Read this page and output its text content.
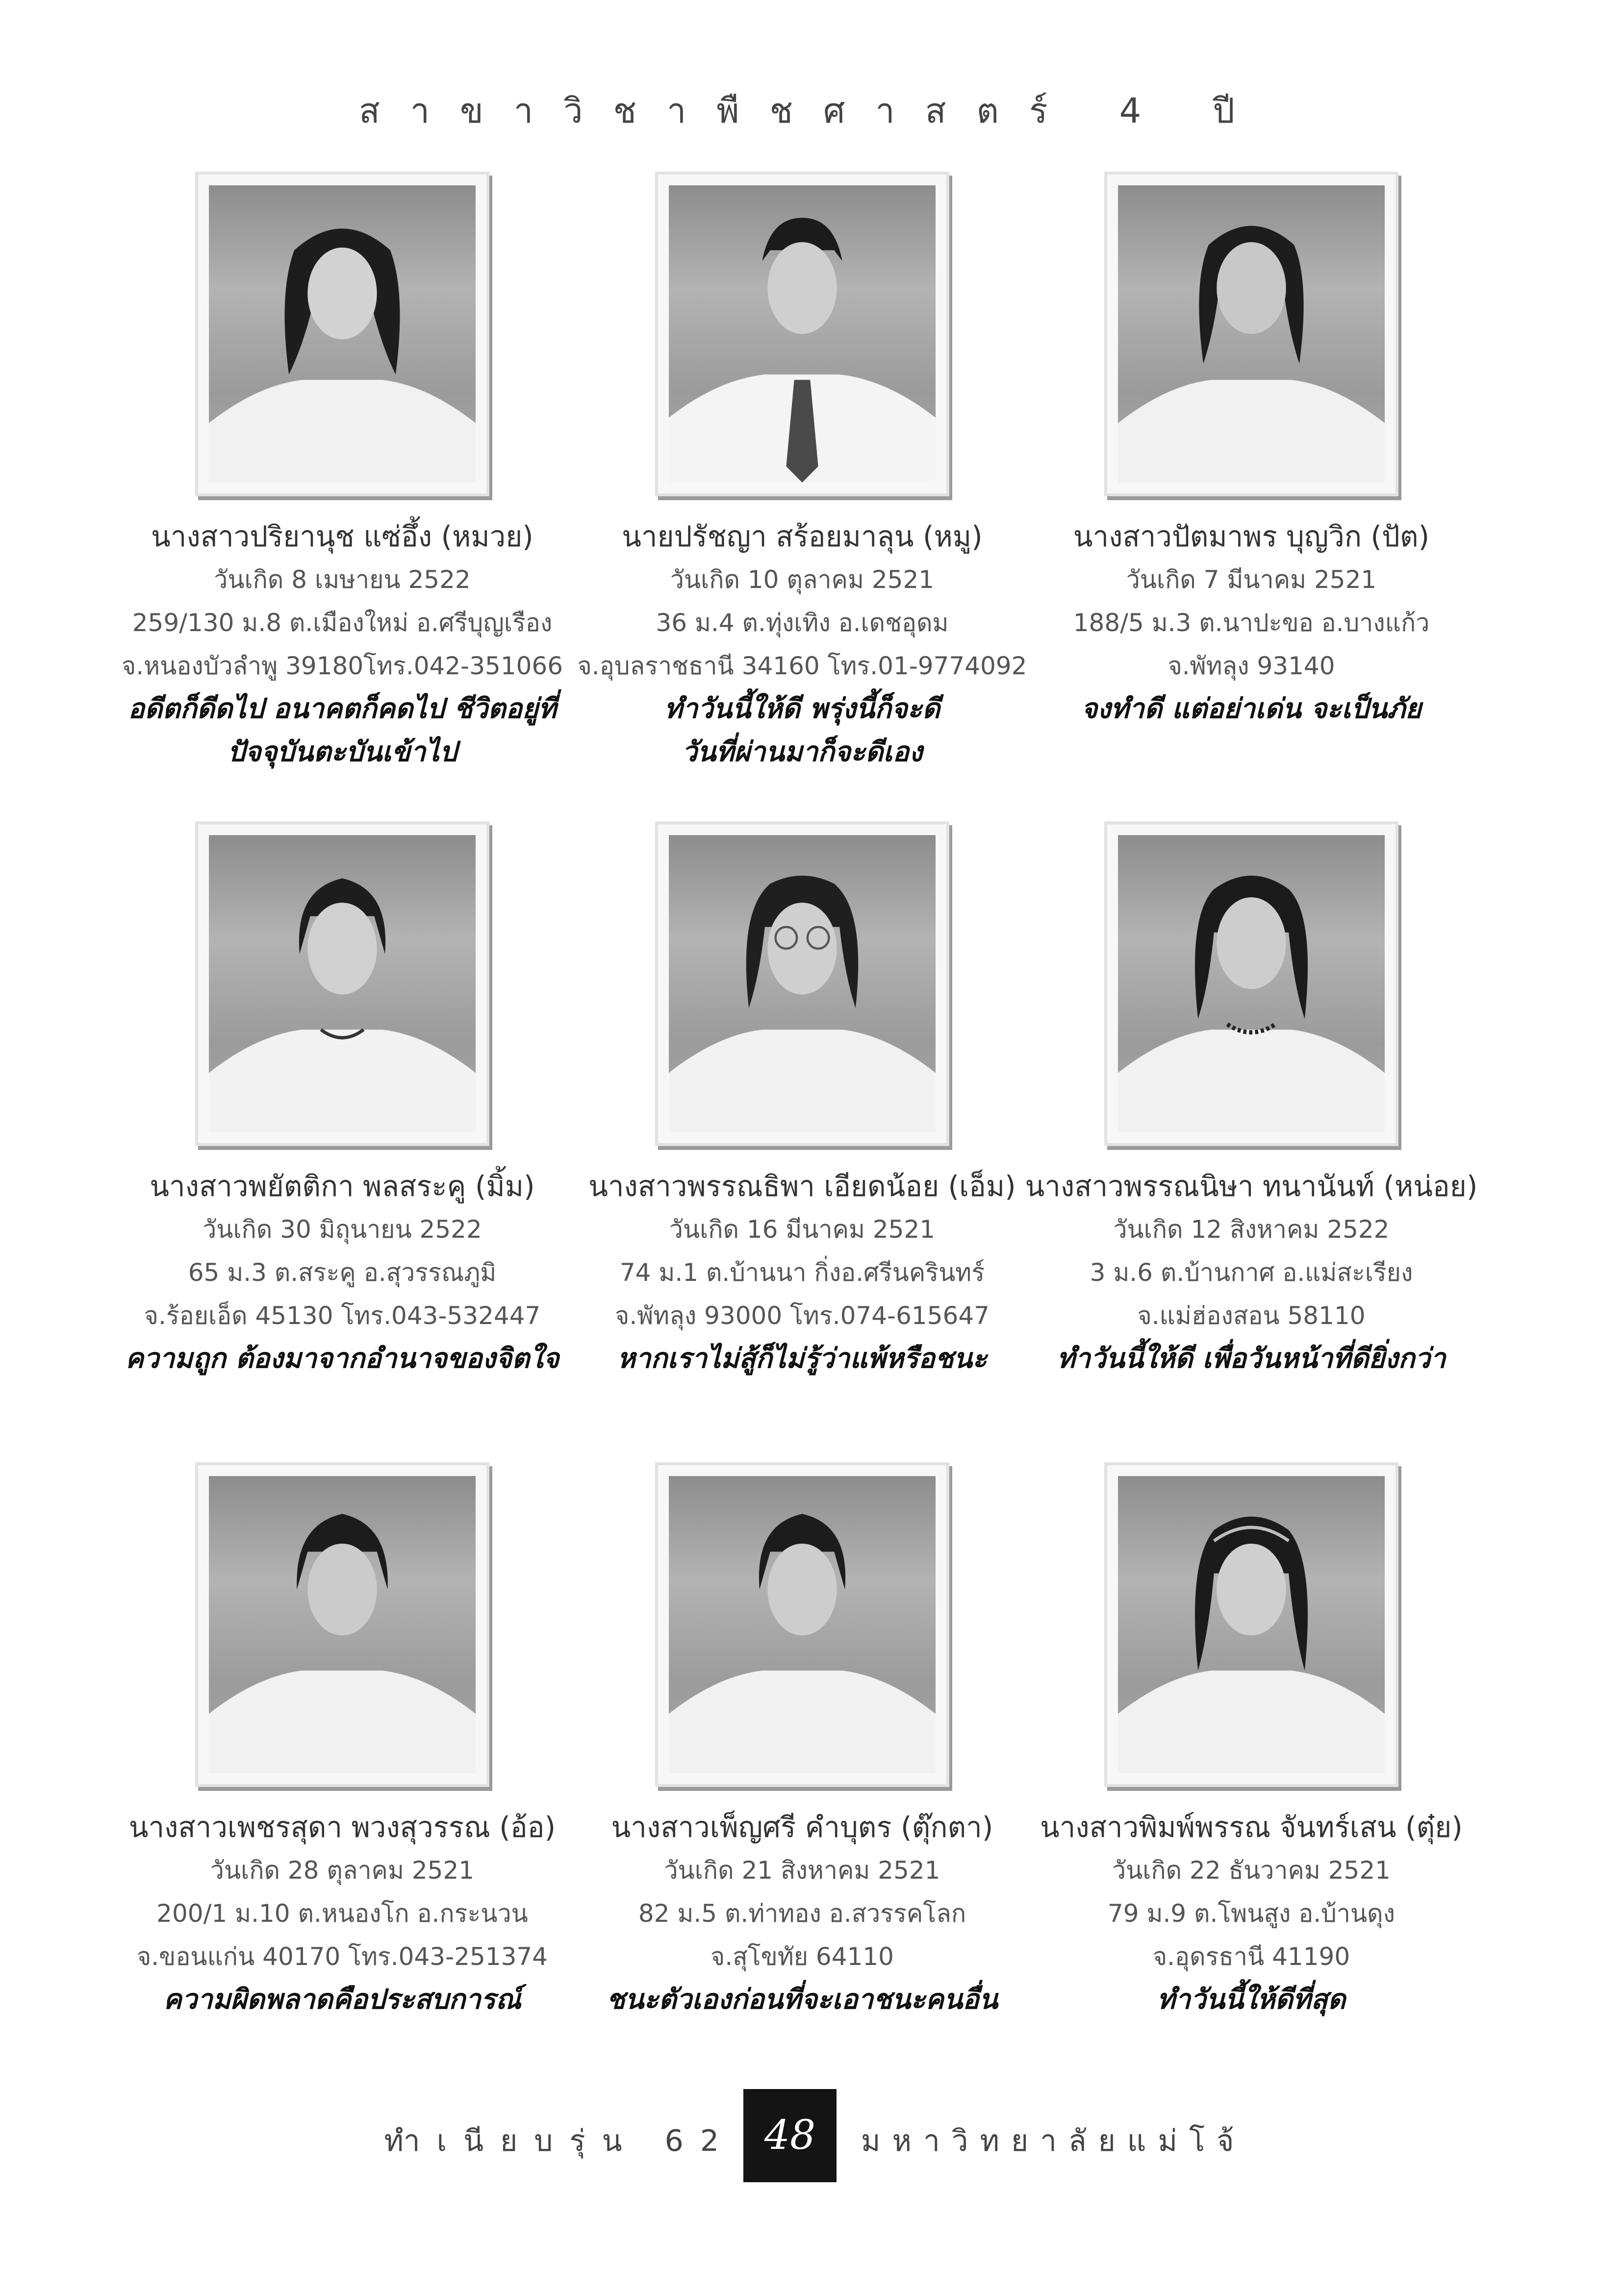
สาขาวิชาพืชศาสตร์ 4 ปี
นางสาวปริยานุช แซ่อึ้ง (หมวย)
วันเกิด 8 เมษายน 2522
259/130 ม.8 ต.เมืองใหม่ อ.ศรีบุญเรือง
จ.หนองบัวลำพู 39180โทร.042-351066
อดีตก็ดีดไป อนาคตก็คดไป ชีวิตอยู่ที่
ปัจจุบันตะบันเข้าไป
นายปรัชญา สร้อยมาลุน (หมู)
วันเกิด 10 ตุลาคม 2521
36 ม.4 ต.ทุ่งเทิง อ.เดชอุดม
จ.อุบลราชธานี 34160 โทร.01-9774092
ทำวันนี้ให้ดี พรุ่งนี้ก็จะดี
วันที่ผ่านมาก็จะดีเอง
นางสาวปัตมาพร บุญวิก (ปัต)
วันเกิด 7 มีนาคม 2521
188/5 ม.3 ต.นาปะขอ อ.บางแก้ว
จ.พัทลุง 93140
จงทำดี แต่อย่าเด่น จะเป็นภัย
นางสาวพยัตติกา พลสระคู (มิ้ม)
วันเกิด 30 มิถุนายน 2522
65 ม.3 ต.สระคู อ.สุวรรณภูมิ
จ.ร้อยเอ็ด 45130 โทร.043-532447
ความถูก ต้องมาจากอำนาจของจิตใจ
นางสาวพรรณธิพา เอียดน้อย (เอ็ม)
วันเกิด 16 มีนาคม 2521
74 ม.1 ต.บ้านนา กิ่งอ.ศรีนครินทร์
จ.พัทลุง 93000 โทร.074-615647
หากเราไม่สู้ก็ไม่รู้ว่าแพ้หรือชนะ
นางสาวพรรณนิษา ทนานันท์ (หน่อย)
วันเกิด 12 สิงหาคม 2522
3 ม.6 ต.บ้านกาศ อ.แม่สะเรียง
จ.แม่ฮ่องสอน 58110
ทำวันนี้ให้ดี เพื่อวันหน้าที่ดียิ่งกว่า
นางสาวเพชรสุดา พวงสุวรรณ (อ้อ)
วันเกิด 28 ตุลาคม 2521
200/1 ม.10 ต.หนองโก อ.กระนวน
จ.ขอนแก่น 40170 โทร.043-251374
ความผิดพลาดคือประสบการณ์
นางสาวเพ็ญศรี คำบุตร (ตุ๊กตา)
วันเกิด 21 สิงหาคม 2521
82 ม.5 ต.ท่าทอง อ.สวรรคโลก
จ.สุโขทัย 64110
ชนะตัวเองก่อนที่จะเอาชนะคนอื่น
นางสาวพิมพ์พรรณ จันทร์เสน (ตุ๋ย)
วันเกิด 22 ธันวาคม 2521
79 ม.9 ต.โพนสูง อ.บ้านดุง
จ.อุดรธานี 41190
ทำวันนี้ให้ดีที่สุด
ทำเนียบรุ่น 62 48	มหาวิทยาลัยแม่โจ้
